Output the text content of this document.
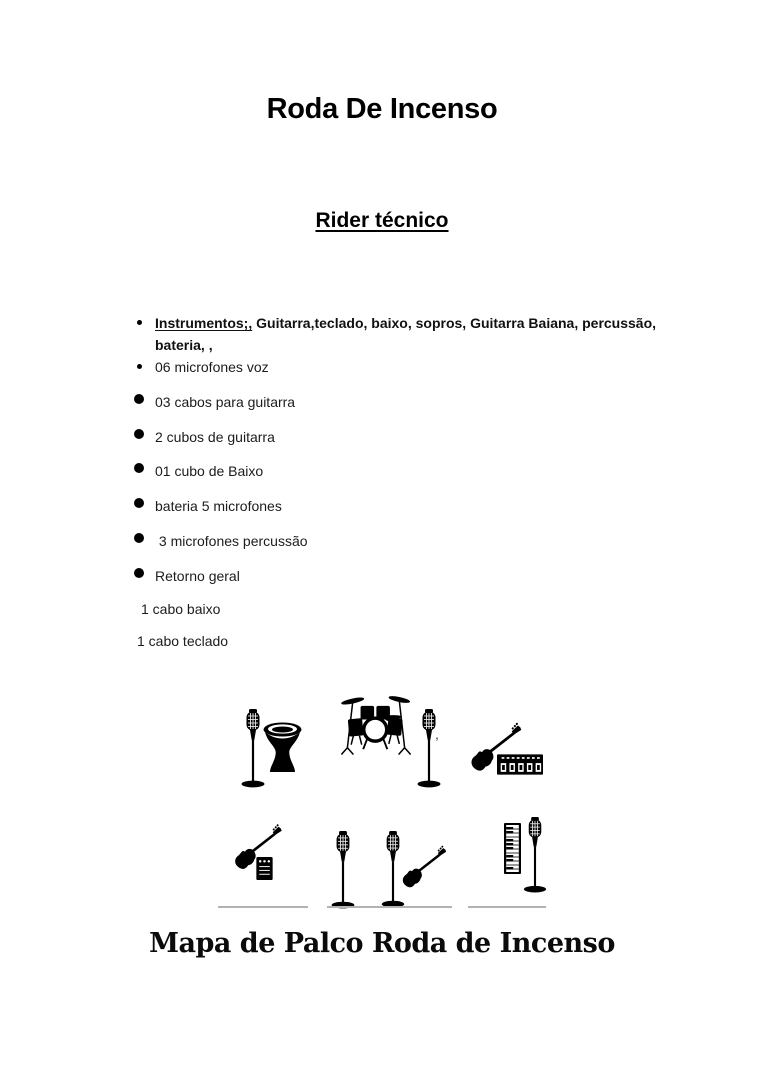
Roda De Incenso
Rider técnico
Instrumentos;, Guitarra,teclado, baixo, sopros, Guitarra Baiana, percussão,
bateria, ,
06 microfones voz
03 cabos para guitarra
2 cubos de guitarra
01 cubo de Baixo
bateria 5 microfones
3 microfones percussão
Retorno geral
1 cabo baixo
1 cabo teclado
,
Mapa de Palco Roda de Incenso
